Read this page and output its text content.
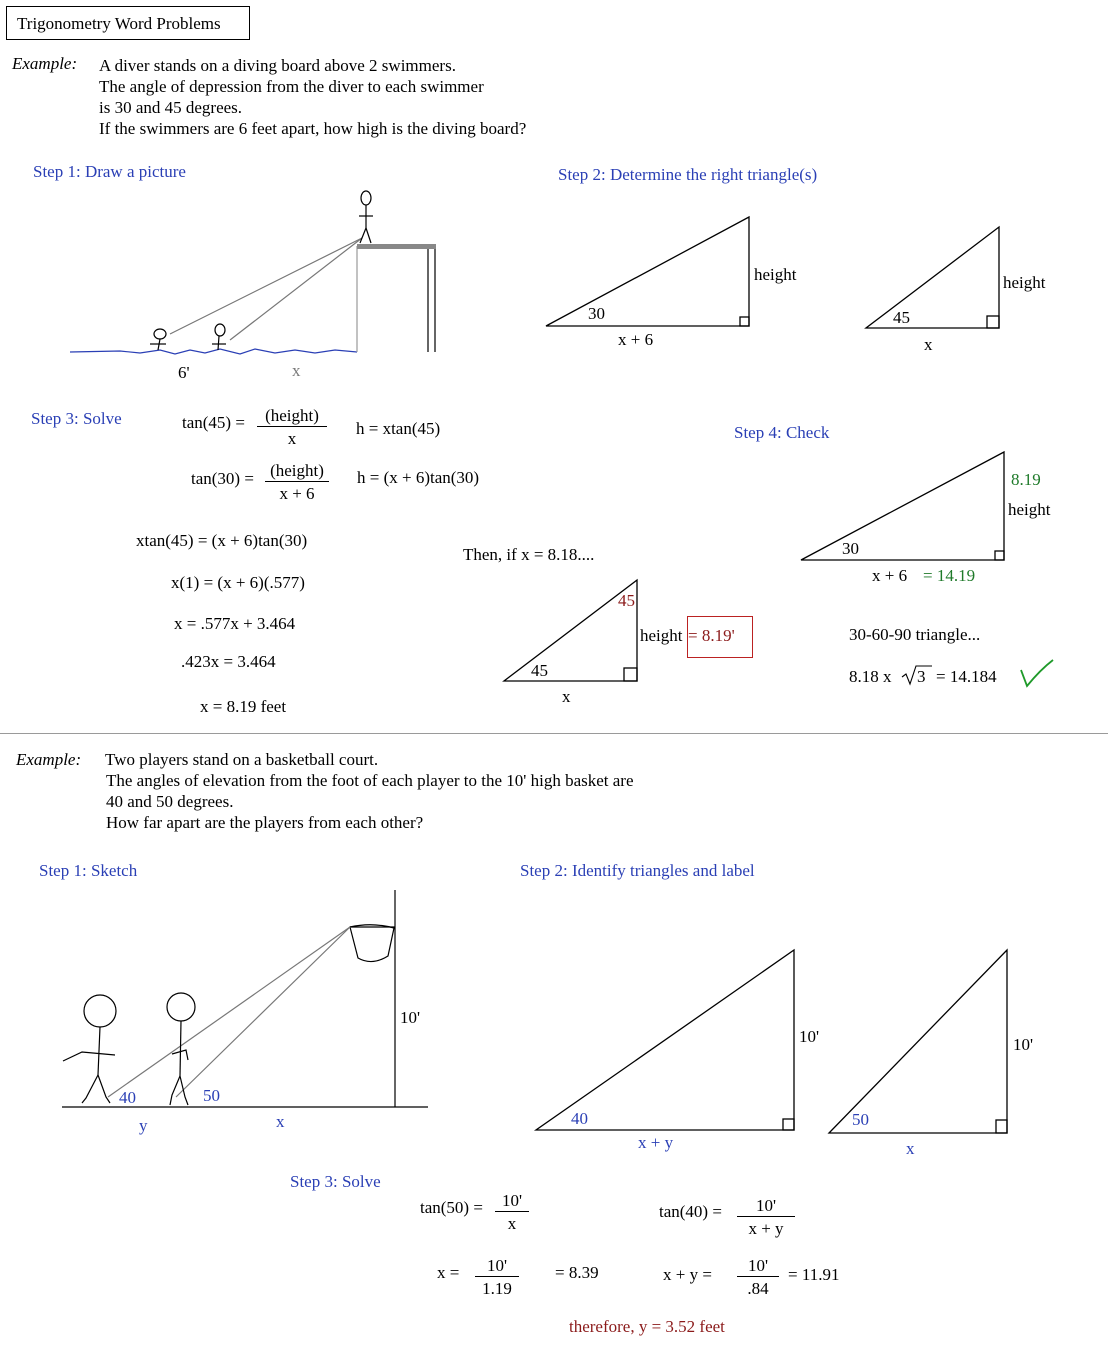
Trigonometry Word Problems
Example: A diver stands on a diving board above 2 swimmers.
The angle of depression from the diver to each swimmer
is 30 and 45 degrees.
If the swimmers are 6 feet apart, how high is the diving board?
Step 1: Draw a picture	Step 2: Determine the right triangle(s)
6'	x
30
x + 6
height
45
x
height
Step 3: Solve	tan(45) =	(height)
x
h = xtan(45)
tan(30) = (height)
x + 6
h = (x + 6)tan(30)
xtan(45) = (x + 6)tan(30)
x(1) = (x + 6)(.577)
x = .577x + 3.464
.423x = 3.464
x = 8.19 feet
Then, if x = 8.18....
45
45
x
height = 8.19'
Step 4: Check
8.19
height
30
x + 6 = 14.19
30-60-90 triangle...
8.18 x 3 = 14.184
Example: Two players stand on a basketball court.
The angles of elevation from the foot of each player to the 10' high basket are
40 and 50 degrees.
How far apart are the players from each other?
Step 1: Sketch	Step 2: Identify triangles and label
10'
40	50
y	x	40
10'
x + y
50
10'
x
Step 3: Solve
$\tan(50) = \frac{10'}{x}$	$\tan(40) = \frac{10'}{x + y}$
$x = \frac{10'}{1.19} = 8.39$	$x + y = \frac{10'}{.84} = 11.91$
therefore, y = 3.52 feet
